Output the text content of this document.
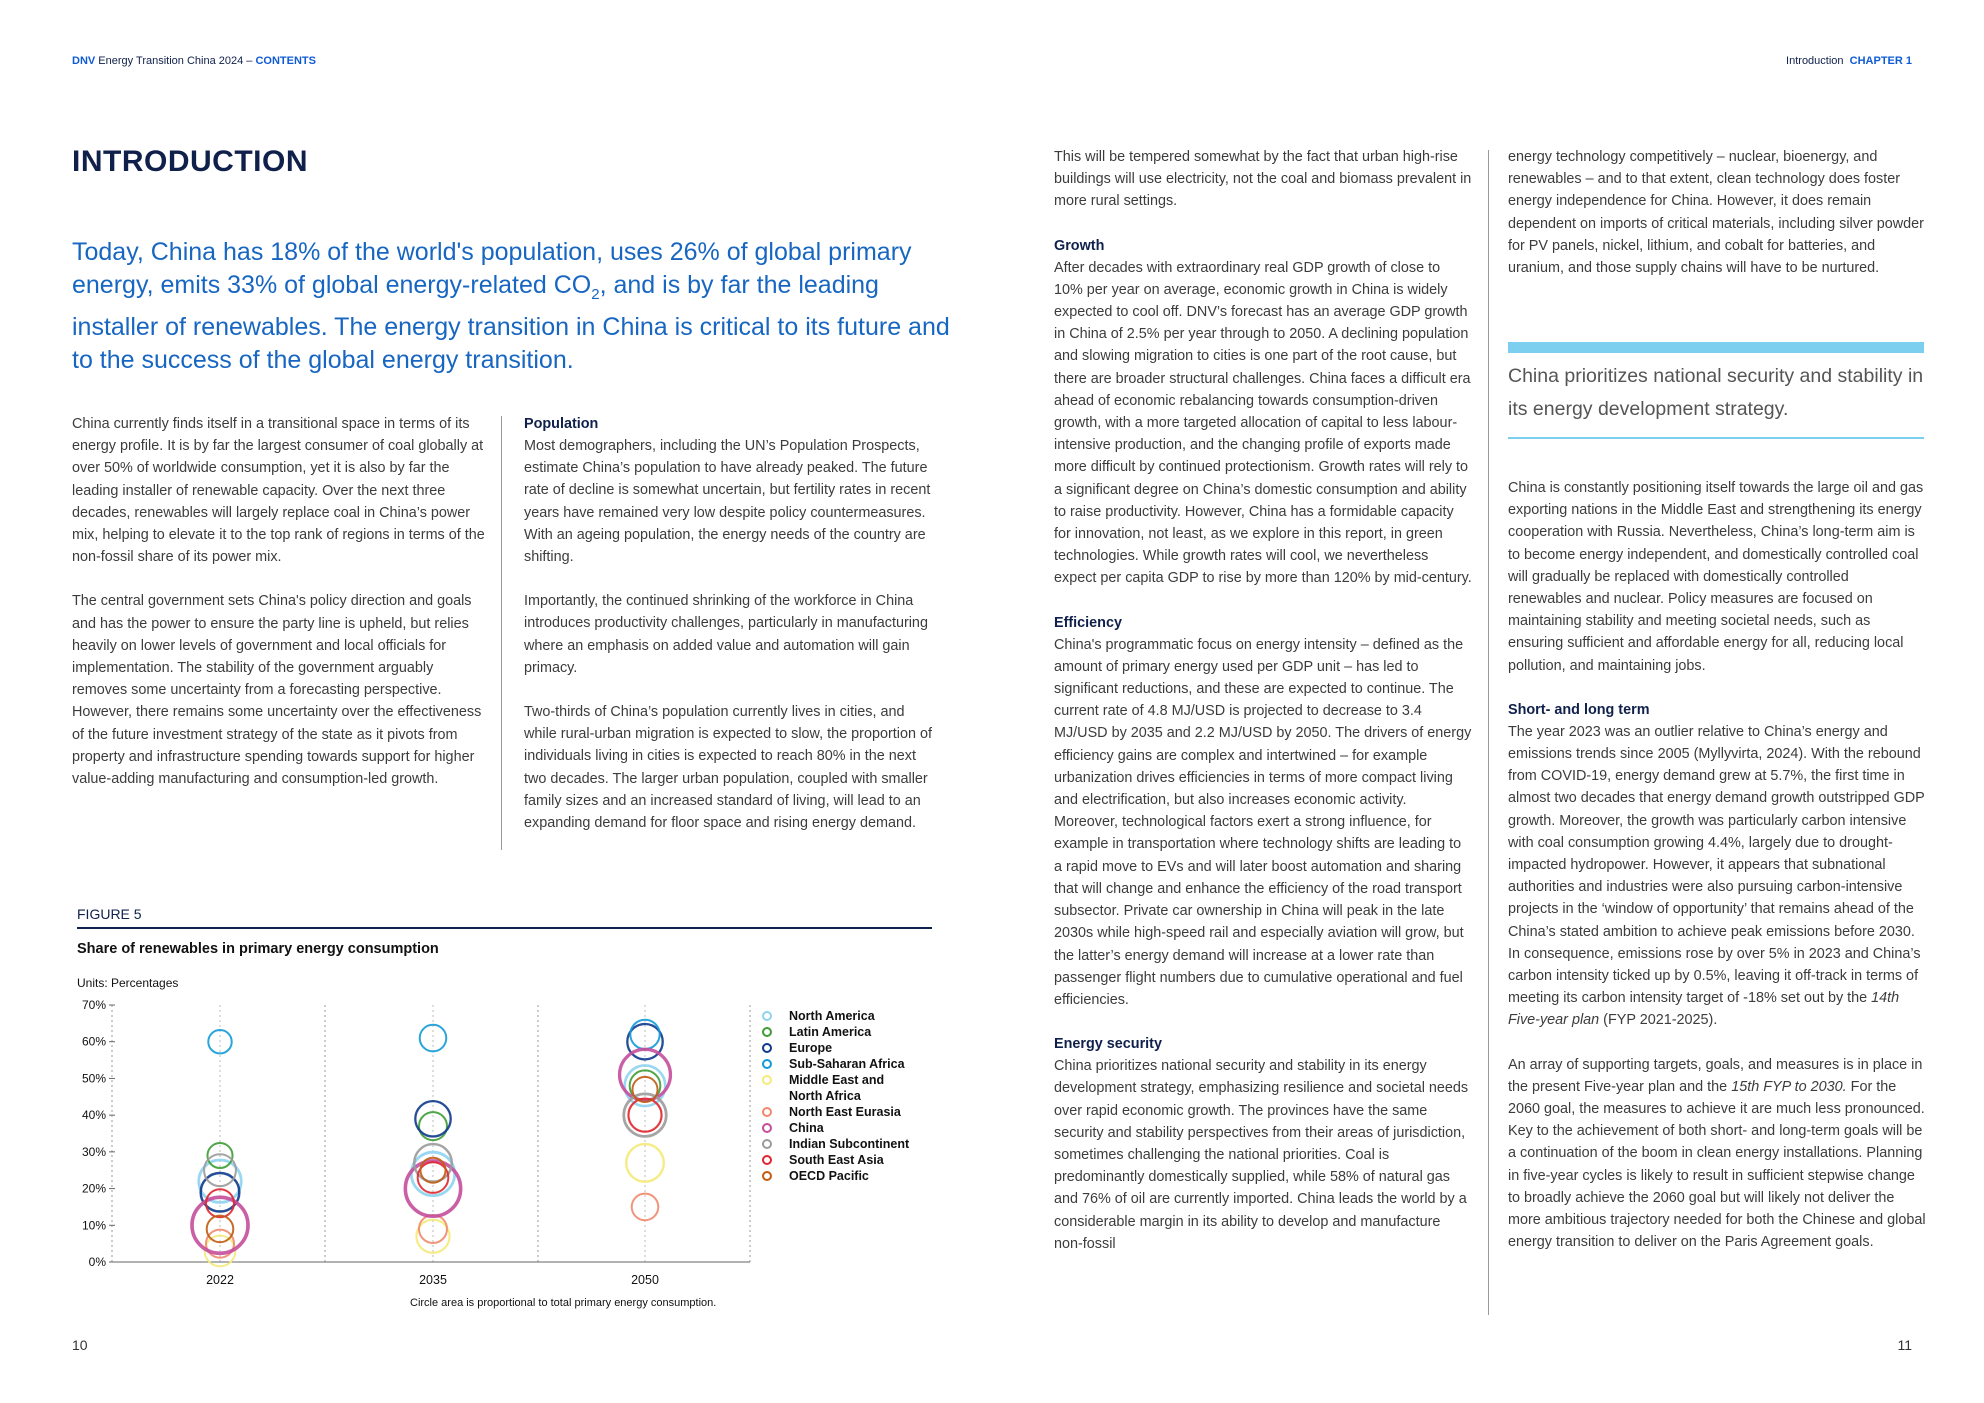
DNV Energy Transition China 2024 – CONTENTS	Introduction CHAPTER 1
INTRODUCTION

Today, China has 18% of the world's population, uses 26% of global primary energy, emits 33% of global energy-related $CO_2$, and is by far the leading installer of renewables. The energy transition in China is critical to its future and to the success of the global energy transition.

China currently finds itself in a transitional space in terms of its energy profile. It is by far the largest consumer of coal globally at over 50% of worldwide consumption, yet it is also by far the leading installer of renewable capacity. Over the next three decades, renewables will largely replace coal in China’s power mix, helping to elevate it to the top rank of regions in terms of the non-fossil share of its power mix.

The central government sets China's policy direction and goals and has the power to ensure the party line is upheld, but relies heavily on lower levels of government and local officials for implementation. The stability of the government arguably removes some uncertainty from a forecasting perspective. However, there remains some uncertainty over the effectiveness of the future investment strategy of the state as it pivots from property and infrastructure spending towards support for higher value-adding manufacturing and consumption-led growth.

Population

Most demographers, including the UN’s Population Prospects, estimate China’s population to have already peaked. The future rate of decline is somewhat uncertain, but fertility rates in recent years have remained very low despite policy countermeasures. With an ageing population, the energy needs of the country are shifting.

Importantly, the continued shrinking of the workforce in China introduces productivity challenges, particularly in manufacturing where an emphasis on added value and automation will gain primacy.

Two-thirds of China’s population currently lives in cities, and while rural-urban migration is expected to slow, the proportion of individuals living in cities is expected to reach 80% in the next two decades. The larger urban population, coupled with smaller family sizes and an increased standard of living, will lead to an expanding demand for floor space and rising energy demand.

This will be tempered somewhat by the fact that urban high-rise buildings will use electricity, not the coal and biomass prevalent in more rural settings.

Growth

After decades with extraordinary real GDP growth of close to 10% per year on average, economic growth in China is widely expected to cool off. DNV’s forecast has an average GDP growth in China of 2.5% per year through to 2050. A declining population and slowing migration to cities is one part of the root cause, but there are broader structural challenges. China faces a difficult era ahead of economic rebalancing towards consumption-driven growth, with a more targeted allocation of capital to less labour-intensive production, and the changing profile of exports made more difficult by continued protectionism. Growth rates will rely to a significant degree on China’s domestic consumption and ability to raise productivity. However, China has a formidable capacity for innovation, not least, as we explore in this report, in green technologies. While growth rates will cool, we nevertheless expect per capita GDP to rise by more than 120% by mid-century.

Efficiency

China's programmatic focus on energy intensity – defined as the amount of primary energy used per GDP unit – has led to significant reductions, and these are expected to continue. The current rate of 4.8 MJ/USD is projected to decrease to 3.4 MJ/USD by 2035 and 2.2 MJ/USD by 2050. The drivers of energy efficiency gains are complex and intertwined – for example urbanization drives efficiencies in terms of more compact living and electrification, but also increases economic activity. Moreover, technological factors exert a strong influence, for example in transportation where technology shifts are leading to a rapid move to EVs and will later boost automation and sharing that will change and enhance the efficiency of the road transport subsector. Private car ownership in China will peak in the late 2030s while high-speed rail and especially aviation will grow, but the latter’s energy demand will increase at a lower rate than passenger flight numbers due to cumulative operational and fuel efficiencies.

Energy security

China prioritizes national security and stability in its energy development strategy, emphasizing resilience and societal needs over rapid economic growth. The provinces have the same security and stability perspectives from their areas of jurisdiction, sometimes challenging the national priorities. Coal is predominantly domestically supplied, while 58% of natural gas and 76% of oil are currently imported. China leads the world by a considerable margin in its ability to develop and manufacture non-fossil

energy technology competitively – nuclear, bioenergy, and renewables – and to that extent, clean technology does foster energy independence for China. However, it does remain dependent on imports of critical materials, including silver powder for PV panels, nickel, lithium, and cobalt for batteries, and uranium, and those supply chains will have to be nurtured.

China prioritizes national security and stability in its energy development strategy.

China is constantly positioning itself towards the large oil and gas exporting nations in the Middle East and strengthening its energy cooperation with Russia. Nevertheless, China’s long-term aim is to become energy independent, and domestically controlled coal will gradually be replaced with domestically controlled renewables and nuclear. Policy measures are focused on maintaining stability and meeting societal needs, such as ensuring sufficient and affordable energy for all, reducing local pollution, and maintaining jobs.

Short- and long term

The year 2023 was an outlier relative to China’s energy and emissions trends since 2005 (Myllyvirta, 2024). With the rebound from COVID-19, energy demand grew at 5.7%, the first time in almost two decades that energy demand growth outstripped GDP growth. Moreover, the growth was particularly carbon intensive with coal consumption growing 4.4%, largely due to drought-impacted hydropower. However, it appears that subnational authorities and industries were also pursuing carbon-intensive projects in the ‘window of opportunity’ that remains ahead of the China’s stated ambition to achieve peak emissions before 2030. In consequence, emissions rose by over 5% in 2023 and China’s carbon intensity ticked up by 0.5%, leaving it off-track in terms of meeting its carbon intensity target of -18% set out by the 14th Five-year plan (FYP 2021-2025).

An array of supporting targets, goals, and measures is in place in the present Five-year plan and the 15th FYP to 2030. For the 2060 goal, the measures to achieve it are much less pronounced. Key to the achievement of both short- and long-term goals will be a continuation of the boom in clean energy installations. Planning in five-year cycles is likely to result in sufficient stepwise change to broadly achieve the 2060 goal but will likely not deliver the more ambitious trajectory needed for both the Chinese and global energy transition to deliver on the Paris Agreement goals.

FIGURE 5
Share of renewables in primary energy consumption
Units: Percentages
0%
10%
20%
30%
40%
50%
60%
70%
2022	2035	2050
North America
Latin America
Europe
Sub-Saharan Africa
Middle East and
North Africa
North East Eurasia
China
Indian Subcontinent
South East Asia
OECD Pacific
Circle area is proportional to total primary energy consumption.
10	11
